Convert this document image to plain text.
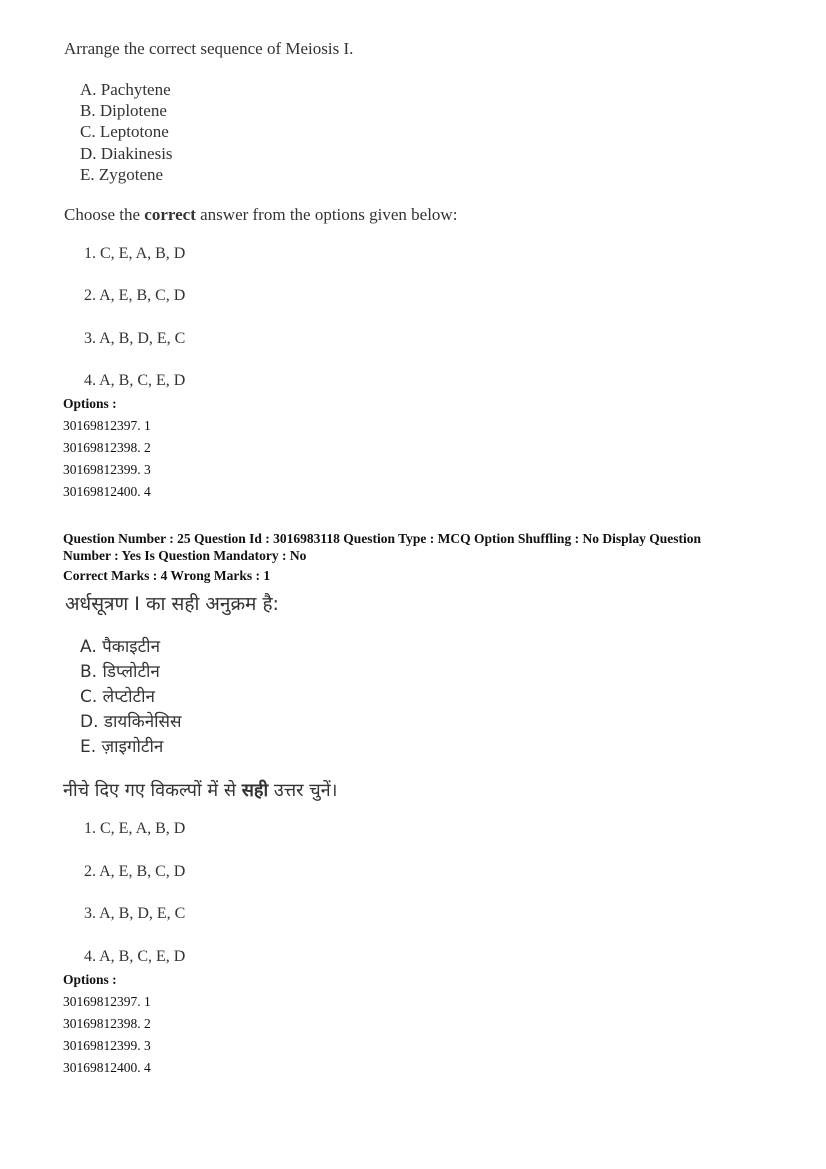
Arrange the correct sequence of Meiosis I.
A. Pachytene
B. Diplotene
C. Leptotone
D. Diakinesis
E. Zygotene
Choose the correct answer from the options given below:
1. C, E, A, B, D
2. A, E, B, C, D
3. A, B, D, E, C
4. A, B, C, E, D
Options :
30169812397. 1
30169812398. 2
30169812399. 3
30169812400. 4
Question Number : 25 Question Id : 3016983118 Question Type : MCQ Option Shuffling : No Display Question
Number : Yes Is Question Mandatory : No
Correct Marks : 4 Wrong Marks : 1
अर्धसूत्रण I का सही अनुक्रम है:
A. पैकाइटीन
B. डिप्लोटीन
C. लेप्टोटीन
D. डायकिनेसिस
E. ज़ाइगोटीन
नीचे दिए गए विकल्पों में से सही उत्तर चुनें।
1. C, E, A, B, D
2. A, E, B, C, D
3. A, B, D, E, C
4. A, B, C, E, D
Options :
30169812397. 1
30169812398. 2
30169812399. 3
30169812400. 4
